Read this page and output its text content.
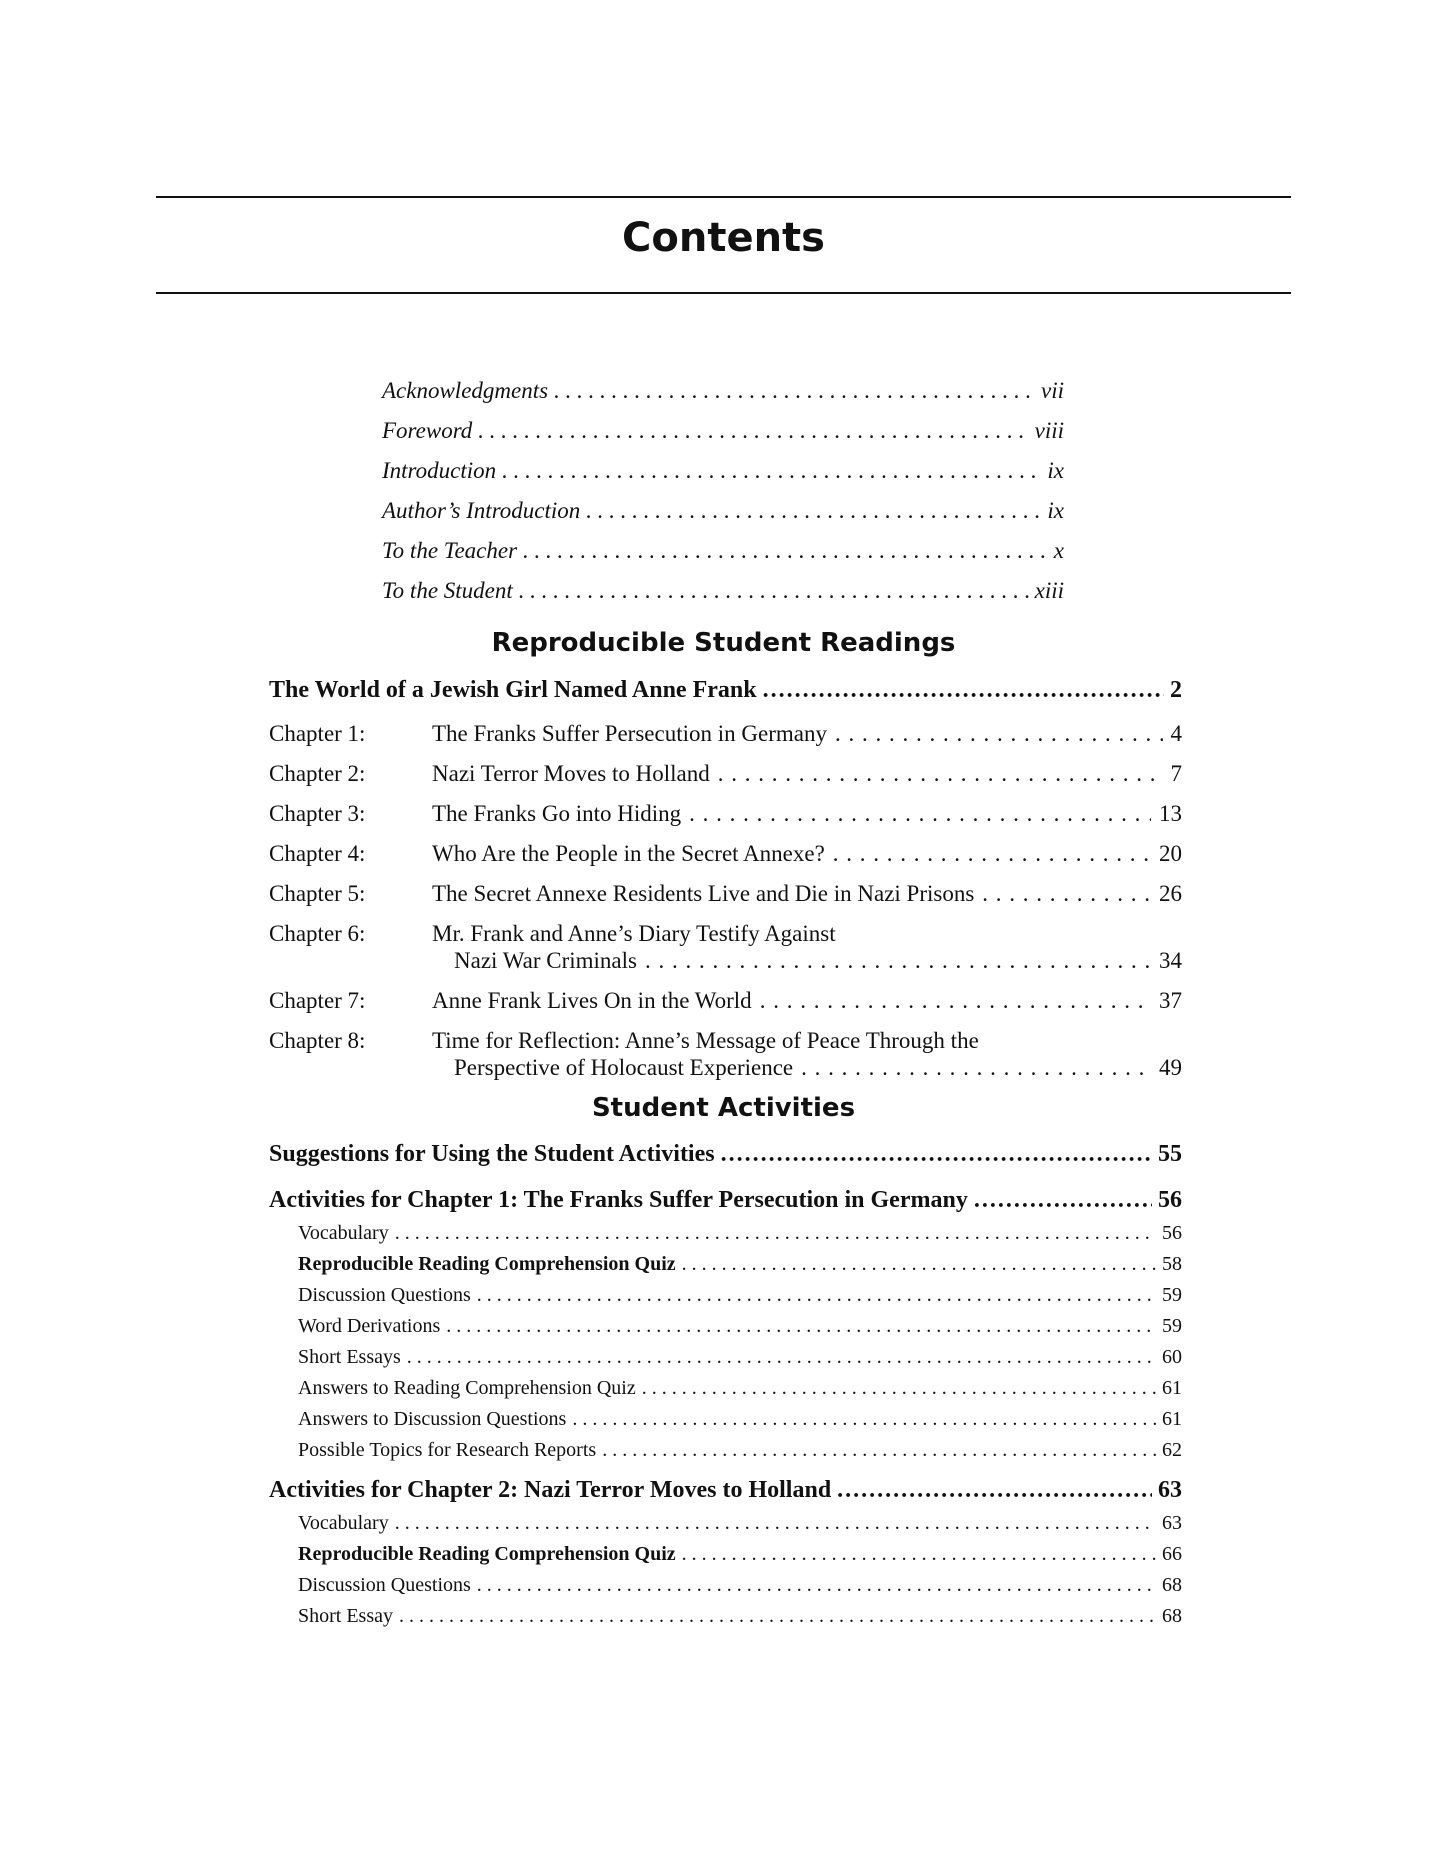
Contents
Acknowledgments . . .	vii
Foreword . . .	viii
Introduction . . .	ix
Author’s Introduction . . .	ix
To the Teacher . . .	x
To the Student . . .	xiii
Reproducible Student Readings
The World of a Jewish Girl Named Anne Frank .....	2
Chapter 1:	The Franks Suffer Persecution in Germany . . .	4
Chapter 2:	Nazi Terror Moves to Holland . . .	7
Chapter 3:	The Franks Go into Hiding . . .	13
Chapter 4:	Who Are the People in the Secret Annexe? . . .	20
Chapter 5:	The Secret Annexe Residents Live and Die in Nazi Prisons . . .	26
Chapter 6:	Mr. Frank and Anne’s Diary Testify Against
Nazi War Criminals . . .	34
Chapter 7:	Anne Frank Lives On in the World . . .	37
Chapter 8:	Time for Reflection: Anne’s Message of Peace Through the
Perspective of Holocaust Experience . . .	49
Student Activities
Suggestions for Using the Student Activities .....	55
Activities for Chapter 1: The Franks Suffer Persecution in Germany .....	56
Vocabulary . . .	56
Reproducible Reading Comprehension Quiz . . .	58
Discussion Questions . . .	59
Word Derivations . . .	59
Short Essays . . .	60
Answers to Reading Comprehension Quiz . . .	61
Answers to Discussion Questions . . .	61
Possible Topics for Research Reports . . .	62
Activities for Chapter 2: Nazi Terror Moves to Holland .....	63
Vocabulary . . .	63
Reproducible Reading Comprehension Quiz . . .	66
Discussion Questions . . .	68
Short Essay . . .	68
